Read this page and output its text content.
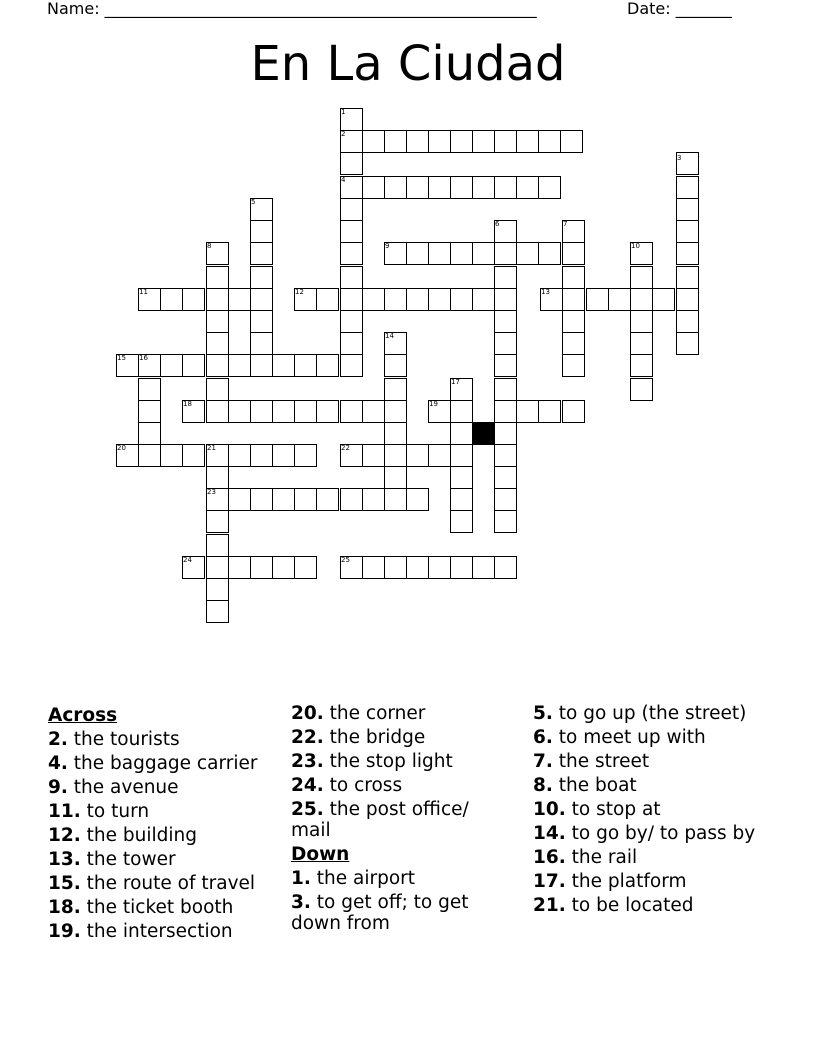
Name: ______________________________________________________	Date: _______
En La Ciudad
1
2
3
4
5
6	7
8	9	10
11	12	13
14
15 16
17
18	19
20	21	22
23
24	25
Across
2. the tourists
4. the baggage carrier
9. the avenue
11. to turn
12. the building
13. the tower
15. the route of travel
18. the ticket booth
19. the intersection
20. the corner
22. the bridge
23. the stop light
24. to cross
25. the post office/ mail
Down
1. the airport
3. to get off; to get down from
5. to go up (the street)
6. to meet up with
7. the street
8. the boat
10. to stop at
14. to go by/ to pass by
16. the rail
17. the platform
21. to be located
